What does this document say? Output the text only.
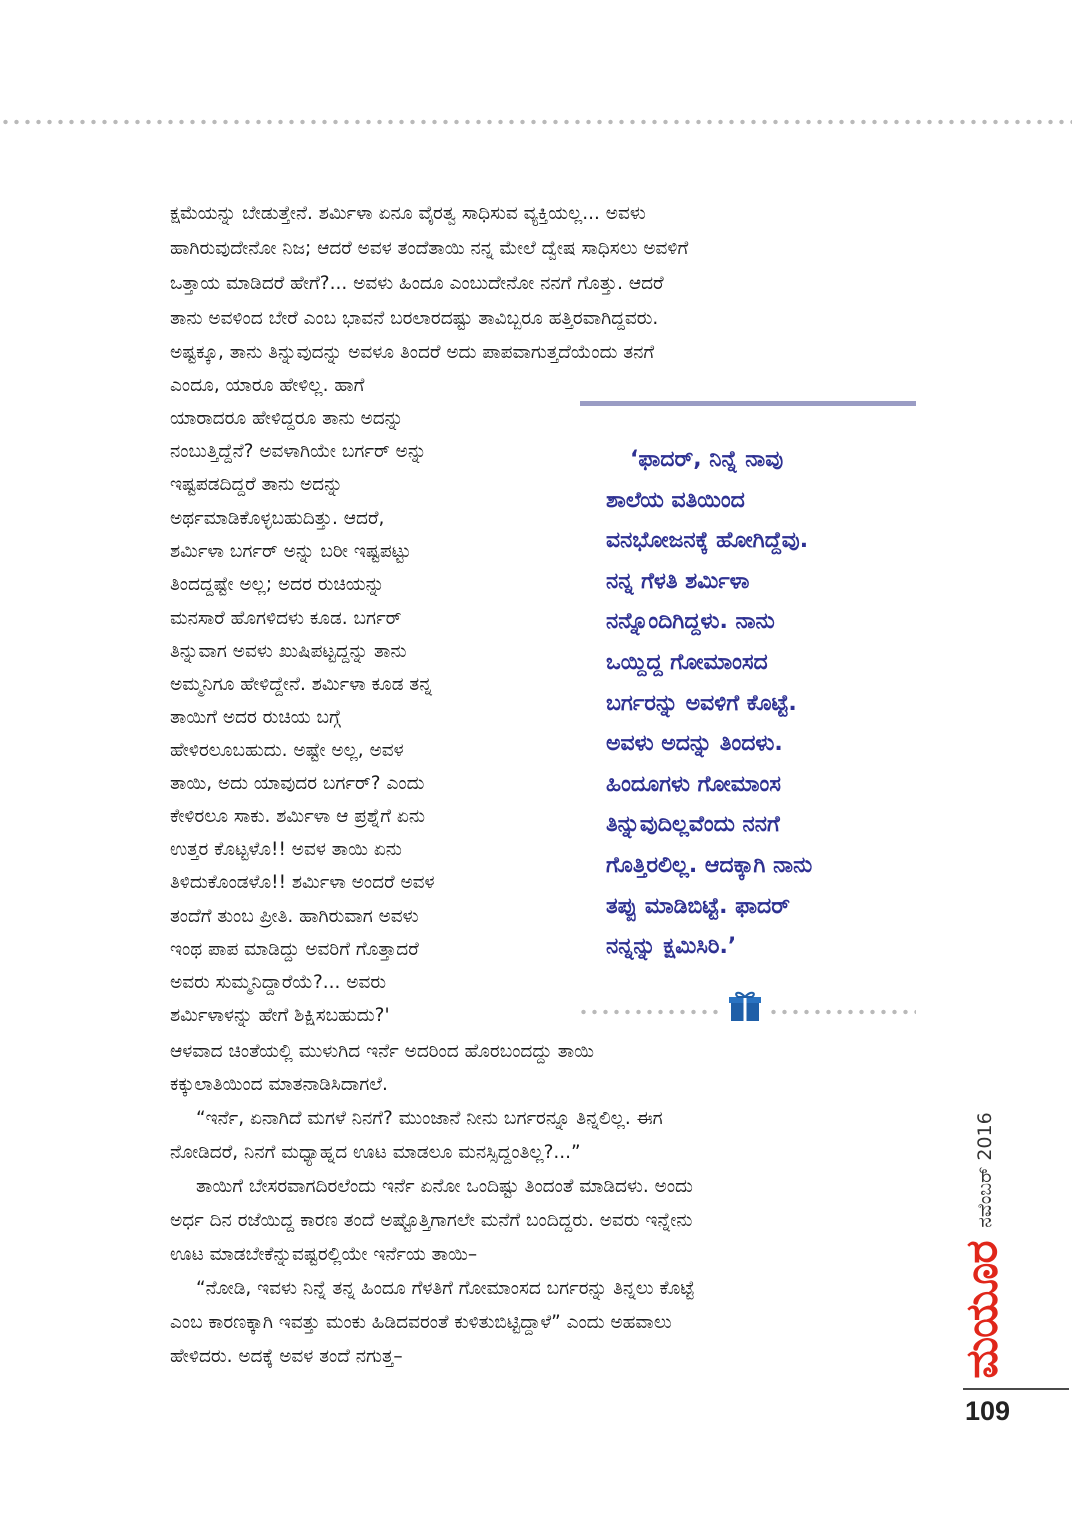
ಕ್ಷಮೆಯನ್ನು ಬೇಡುತ್ತೇನೆ. ಶರ್ಮಿಳಾ ಏನೂ ವೈರತ್ವ ಸಾಧಿಸುವ ವ್ಯಕ್ತಿಯಲ್ಲ... ಅವಳು
ಹಾಗಿರುವುದೇನೋ ನಿಜ; ಆದರೆ ಅವಳ ತಂದೆತಾಯಿ ನನ್ನ ಮೇಲೆ ದ್ವೇಷ ಸಾಧಿಸಲು ಅವಳಿಗೆ
ಒತ್ತಾಯ ಮಾಡಿದರೆ ಹೇಗೆ?... ಅವಳು ಹಿಂದೂ ಎಂಬುದೇನೋ ನನಗೆ ಗೊತ್ತು. ಆದರೆ
ತಾನು ಅವಳಿಂದ ಬೇರೆ ಎಂಬ ಭಾವನೆ ಬರಲಾರದಷ್ಟು ತಾವಿಬ್ಬರೂ ಹತ್ತಿರವಾಗಿದ್ದವರು.
ಅಷ್ಟಕ್ಕೂ, ತಾನು ತಿನ್ನುವುದನ್ನು ಅವಳೂ ತಿಂದರೆ ಅದು ಪಾಪವಾಗುತ್ತದೆಯೆಂದು ತನಗೆ
ಎಂದೂ, ಯಾರೂ ಹೇಳಿಲ್ಲ. ಹಾಗೆ
ಯಾರಾದರೂ ಹೇಳಿದ್ದರೂ ತಾನು ಅದನ್ನು
ನಂಬುತ್ತಿದ್ದೆನೆ? ಅವಳಾಗಿಯೇ ಬರ್ಗರ್ ಅನ್ನು
ಇಷ್ಟಪಡದಿದ್ದರೆ ತಾನು ಅದನ್ನು
ಅರ್ಥಮಾಡಿಕೊಳ್ಳಬಹುದಿತ್ತು. ಆದರೆ,
ಶರ್ಮಿಳಾ ಬರ್ಗರ್ ಅನ್ನು ಬರೀ ಇಷ್ಟಪಟ್ಟು
ತಿಂದದ್ದಷ್ಟೇ ಅಲ್ಲ; ಅದರ ರುಚಿಯನ್ನು
ಮನಸಾರೆ ಹೊಗಳಿದಳು ಕೂಡ. ಬರ್ಗರ್
ತಿನ್ನುವಾಗ ಅವಳು ಖುಷಿಪಟ್ಟದ್ದನ್ನು ತಾನು
ಅಮ್ಮನಿಗೂ ಹೇಳಿದ್ದೇನೆ. ಶರ್ಮಿಳಾ ಕೂಡ ತನ್ನ
ತಾಯಿಗೆ ಅದರ ರುಚಿಯ ಬಗ್ಗೆ
ಹೇಳಿರಲೂಬಹುದು. ಅಷ್ಟೇ ಅಲ್ಲ, ಅವಳ
ತಾಯಿ, ಅದು ಯಾವುದರ ಬರ್ಗರ್? ಎಂದು
ಕೇಳಿರಲೂ ಸಾಕು. ಶರ್ಮಿಳಾ ಆ ಪ್ರಶ್ನೆಗೆ ಏನು
ಉತ್ತರ ಕೊಟ್ಟಳೊ!! ಅವಳ ತಾಯಿ ಏನು
ತಿಳಿದುಕೊಂಡಳೊ!! ಶರ್ಮಿಳಾ ಅಂದರೆ ಅವಳ
ತಂದೆಗೆ ತುಂಬ ಪ್ರೀತಿ. ಹಾಗಿರುವಾಗ ಅವಳು
ಇಂಥ ಪಾಪ ಮಾಡಿದ್ದು ಅವರಿಗೆ ಗೊತ್ತಾದರೆ
ಅವರು ಸುಮ್ಮನಿದ್ದಾರೆಯೆ?... ಅವರು
ಶರ್ಮಿಳಾಳನ್ನು ಹೇಗೆ ಶಿಕ್ಷಿಸಬಹುದು?'
ಆಳವಾದ ಚಿಂತೆಯಲ್ಲಿ ಮುಳುಗಿದ ಇರ್ನೆ ಅದರಿಂದ ಹೊರಬಂದದ್ದು ತಾಯಿ
ಕಕ್ಕುಲಾತಿಯಿಂದ ಮಾತನಾಡಿಸಿದಾಗಲೆ.
“ಇರ್ನೆ, ಏನಾಗಿದೆ ಮಗಳೆ ನಿನಗೆ? ಮುಂಜಾನೆ ನೀನು ಬರ್ಗರನ್ನೂ ತಿನ್ನಲಿಲ್ಲ. ಈಗ
ನೋಡಿದರೆ, ನಿನಗೆ ಮಧ್ಯಾಹ್ನದ ಊಟ ಮಾಡಲೂ ಮನಸ್ಸಿದ್ದಂತಿಲ್ಲ?...”
ತಾಯಿಗೆ ಬೇಸರವಾಗದಿರಲೆಂದು ಇರ್ನೆ ಏನೋ ಒಂದಿಷ್ಟು ತಿಂದಂತೆ ಮಾಡಿದಳು. ಅಂದು
ಅರ್ಧ ದಿನ ರಜೆಯಿದ್ದ ಕಾರಣ ತಂದೆ ಅಷ್ಟೊತ್ತಿಗಾಗಲೇ ಮನೆಗೆ ಬಂದಿದ್ದರು. ಅವರು ಇನ್ನೇನು
ಊಟ ಮಾಡಬೇಕೆನ್ನುವಷ್ಟರಲ್ಲಿಯೇ ಇರ್ನೆಯ ತಾಯಿ–
“ನೋಡಿ, ಇವಳು ನಿನ್ನೆ ತನ್ನ ಹಿಂದೂ ಗೆಳತಿಗೆ ಗೋಮಾಂಸದ ಬರ್ಗರನ್ನು ತಿನ್ನಲು ಕೊಟ್ಟೆ
ಎಂಬ ಕಾರಣಕ್ಕಾಗಿ ಇವತ್ತು ಮಂಕು ಹಿಡಿದವರಂತೆ ಕುಳಿತುಬಿಟ್ಟಿದ್ದಾಳೆ” ಎಂದು ಅಹವಾಲು
ಹೇಳಿದರು. ಅದಕ್ಕೆ ಅವಳ ತಂದೆ ನಗುತ್ತ–
‘ಫಾದರ್, ನಿನ್ನೆ ನಾವು
ಶಾಲೆಯ ವತಿಯಿಂದ
ವನಭೋಜನಕ್ಕೆ ಹೋಗಿದ್ದೆವು.
ನನ್ನ ಗೆಳತಿ ಶರ್ಮಿಳಾ
ನನ್ನೊಂದಿಗಿದ್ದಳು. ನಾನು
ಒಯ್ದಿದ್ದ ಗೋಮಾಂಸದ
ಬರ್ಗರನ್ನು ಅವಳಿಗೆ ಕೊಟ್ಟೆ.
ಅವಳು ಅದನ್ನು ತಿಂದಳು.
ಹಿಂದೂಗಳು ಗೋಮಾಂಸ
ತಿನ್ನುವುದಿಲ್ಲವೆಂದು ನನಗೆ
ಗೊತ್ತಿರಲಿಲ್ಲ. ಆದಕ್ಕಾಗಿ ನಾನು
ತಪ್ಪು ಮಾಡಿಬಿಟ್ಟೆ. ಫಾದರ್
ನನ್ನನ್ನು ಕ್ಷಮಿಸಿರಿ.’
ನವೆಂಬರ್ 2016
ಮಯೂರ
109
